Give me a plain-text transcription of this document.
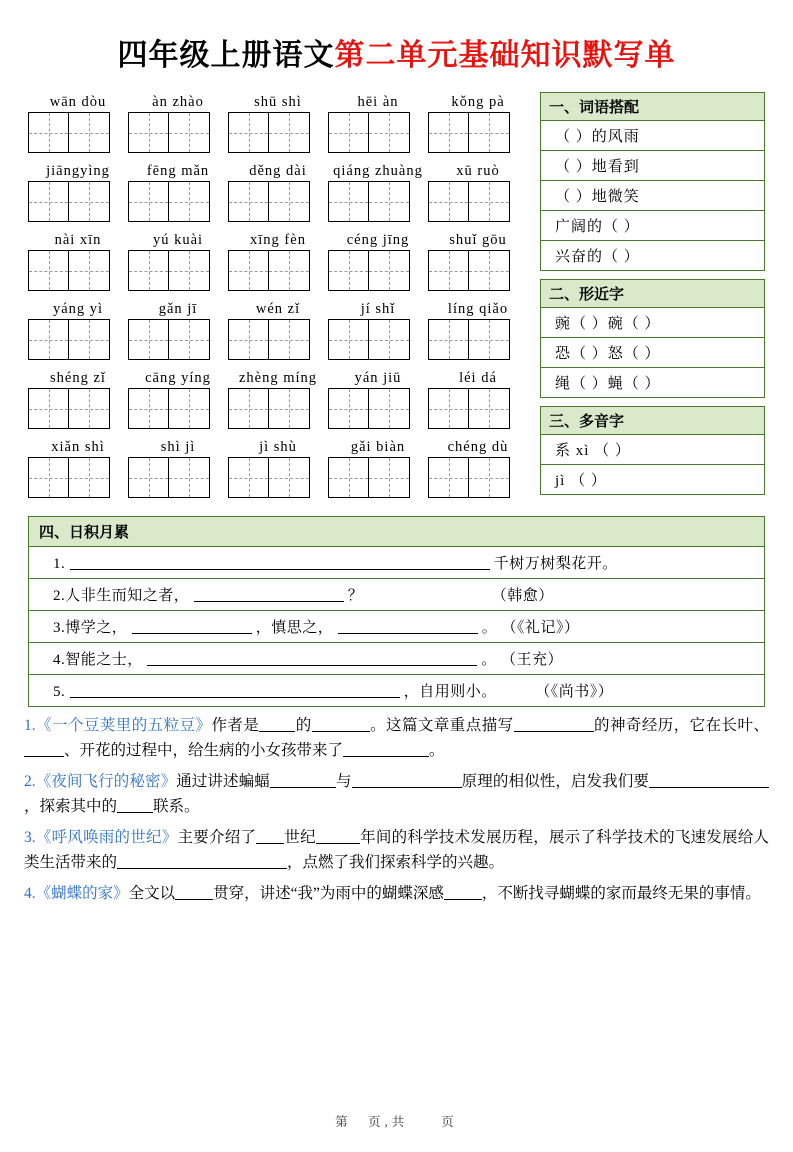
四年级上册语文第二单元基础知识默写单
wān dòu	àn zhào	shū shì	hēi àn	kǒng pà
jiāngyìng	fēng mǎn	děng dài	qiáng zhuàng	xū ruò
nài xīn	yú kuài	xīng fèn	céng jīng	shuǐ gōu
yáng yì	gǎn jī	wén zǐ	jí shǐ	líng qiǎo
shéng zǐ	cāng yíng	zhèng míng	yán jiū	léi dá
xiǎn shì	shì jì	jì shù	gǎi biàn	chéng dù
一、词语搭配
（ ）的风雨
（ ）地看到
（ ）地微笑
广阔的（ ）
兴奋的（ ）
二、形近字
豌（ ）碗（ ）
恐（ ）怒（ ）
绳（ ）蝇（ ）
三、多音字
系 xì （ ）
jì （ ）
四、日积月累
1.	千树万树梨花开。
2.人非生而知之者，	？	（韩愈）
3.博学之，	，慎思之，	。 （《礼记》）
4.智能之士，	。 （王充）
5.	，自用则小。	（《尚书》）
1.《一个豆荚里的五粒豆》作者是 的	。这篇文章重点描写	的神奇经历，它在长叶、、开花的过程中，给生病的小女孩带来了	。
2.《夜间飞行的秘密》通过讲述蝙蝠	与	原理的相似性，启发我们要，探索其中的 联系。
3.《呼风唤雨的世纪》主要介绍了 世纪	年间的科学技术发展历程，展示了科学技术的飞速发展给人类生活带来的	，点燃了我们探索科学的兴趣。
4.《蝴蝶的家》全文以 贯穿，讲述“我”为雨中的蝴蝶深感 ，不断找寻蝴蝶的家而最终无果的事情。
第　页,共　　页
